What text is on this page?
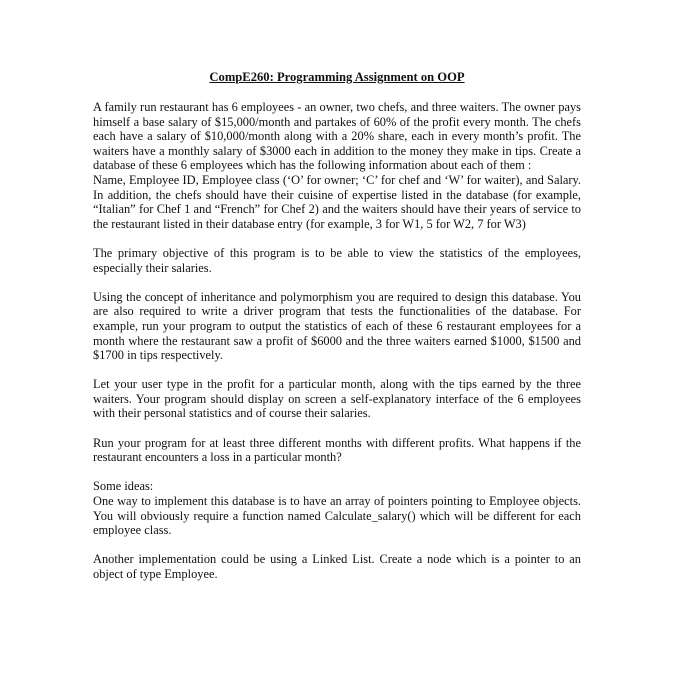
CompE260: Programming Assignment on OOP

A family run restaurant has 6 employees - an owner, two chefs, and three waiters. The owner pays himself a base salary of $15,000/month and partakes of 60% of the profit every month. The chefs each have a salary of $10,000/month along with a 20% share, each in every month’s profit. The waiters have a monthly salary of $3000 each in addition to the money they make in tips. Create a database of these 6 employees which has the following information about each of them :

Name, Employee ID, Employee class (‘O’ for owner; ‘C’ for chef and ‘W’ for waiter), and Salary. In addition, the chefs should have their cuisine of expertise listed in the database (for example, “Italian” for Chef 1 and “French” for Chef 2) and the waiters should have their years of service to the restaurant listed in their database entry (for example, 3 for W1, 5 for W2, 7 for W3)

The primary objective of this program is to be able to view the statistics of the employees, especially their salaries.

Using the concept of inheritance and polymorphism you are required to design this database. You are also required to write a driver program that tests the functionalities of the database. For example, run your program to output the statistics of each of these 6 restaurant employees for a month where the restaurant saw a profit of $6000 and the three waiters earned $1000, $1500 and $1700 in tips respectively.

Let your user type in the profit for a particular month, along with the tips earned by the three waiters. Your program should display on screen a self-explanatory interface of the 6 employees with their personal statistics and of course their salaries.

Run your program for at least three different months with different profits. What happens if the restaurant encounters a loss in a particular month?

Some ideas:

One way to implement this database is to have an array of pointers pointing to Employee objects. You will obviously require a function named Calculate_salary() which will be different for each employee class.

Another implementation could be using a Linked List. Create a node which is a pointer to an object of type Employee.
